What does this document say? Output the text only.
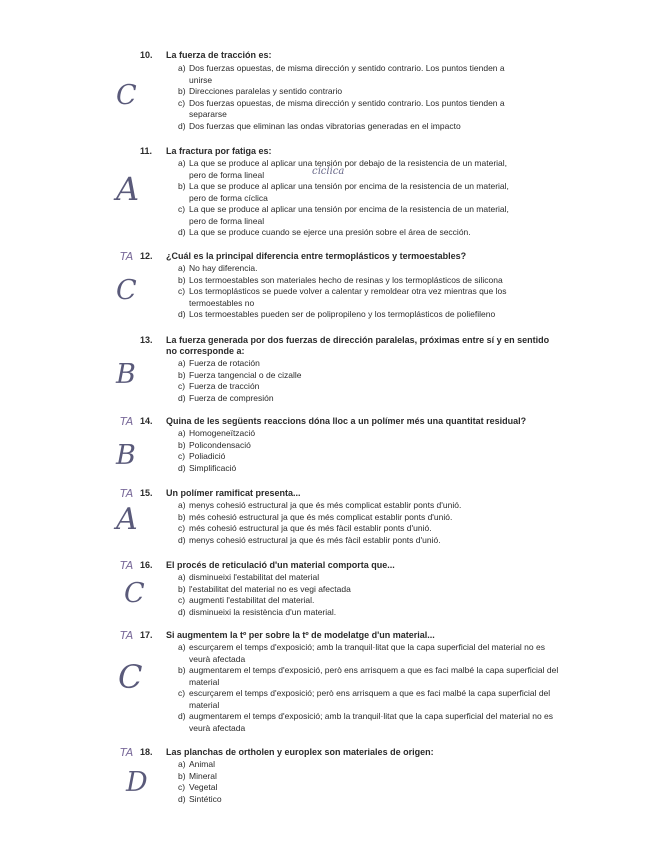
10. La fuerza de tracción es:
C
a) Dos fuerzas opuestas, de misma dirección y sentido contrario. Los puntos tienden a unirse
b) Direcciones paralelas y sentido contrario
c) Dos fuerzas opuestas, de misma dirección y sentido contrario. Los puntos tienden a separarse
d) Dos fuerzas que eliminan las ondas vibratorias generadas en el impacto
11. La fractura por fatiga es:
A	cíclica
a) La que se produce al aplicar una tensión por debajo de la resistencia de un material, pero de forma lineal
b) La que se produce al aplicar una tensión por encima de la resistencia de un material, pero de forma cíclica
c) La que se produce al aplicar una tensión por encima de la resistencia de un material, pero de forma lineal
d) La que se produce cuando se ejerce una presión sobre el área de sección.
TA 12. ¿Cuál es la principal diferencia entre termoplásticos y termoestables?
C
a) No hay diferencia.
b) Los termoestables son materiales hecho de resinas y los termoplásticos de silicona
c) Los termoplásticos se puede volver a calentar y remoldear otra vez mientras que los termoestables no
d) Los termoestables pueden ser de polipropileno y los termoplásticos de poliefileno
13. La fuerza generada por dos fuerzas de dirección paralelas, próximas entre sí y en sentido no corresponde a:
B	a) Fuerza de rotación
b) Fuerza tangencial o de cizalle
c) Fuerza de tracción
d) Fuerza de compresión
TA 14. Quina de les següents reaccions dóna lloc a un polímer més una quantitat residual?
B
a) Homogeneïtzació
b) Policondensació
c) Poliadició
d) Simplificació
TA 15. Un polímer ramificat presenta...
A	a) menys cohesió estructural ja que és més complicat establir ponts d'unió.
b) més cohesió estructural ja que és més complicat establir ponts d'unió.
c) més cohesió estructural ja que és més fàcil establir ponts d'unió.
d) menys cohesió estructural ja que és més fàcil establir ponts d'unió.
TA 16. El procés de reticulació d'un material comporta que...
C
a) disminueixi l'estabilitat del material
b) l'estabilitat del material no es vegi afectada
c) augmenti l'estabilitat del material.
d) disminueixi la resistència d'un material.
TA 17. Si augmentem la tº per sobre la tº de modelatge d'un material...
C
a) escurçarem el temps d'exposició; amb la tranquil·litat que la capa superficial del material no es veurà afectada
b) augmentarem el temps d'exposició, però ens arrisquem a que es faci malbé la capa superficial del material
c) escurçarem el temps d'exposició; però ens arrisquem a que es faci malbé la capa superficial del material
d) augmentarem el temps d'exposició; amb la tranquil·litat que la capa superficial del material no es veurà afectada
TA 18. Las planchas de ortholen y europlex son materiales de origen:
D
a) Animal
b) Mineral
c) Vegetal
d) Sintético
